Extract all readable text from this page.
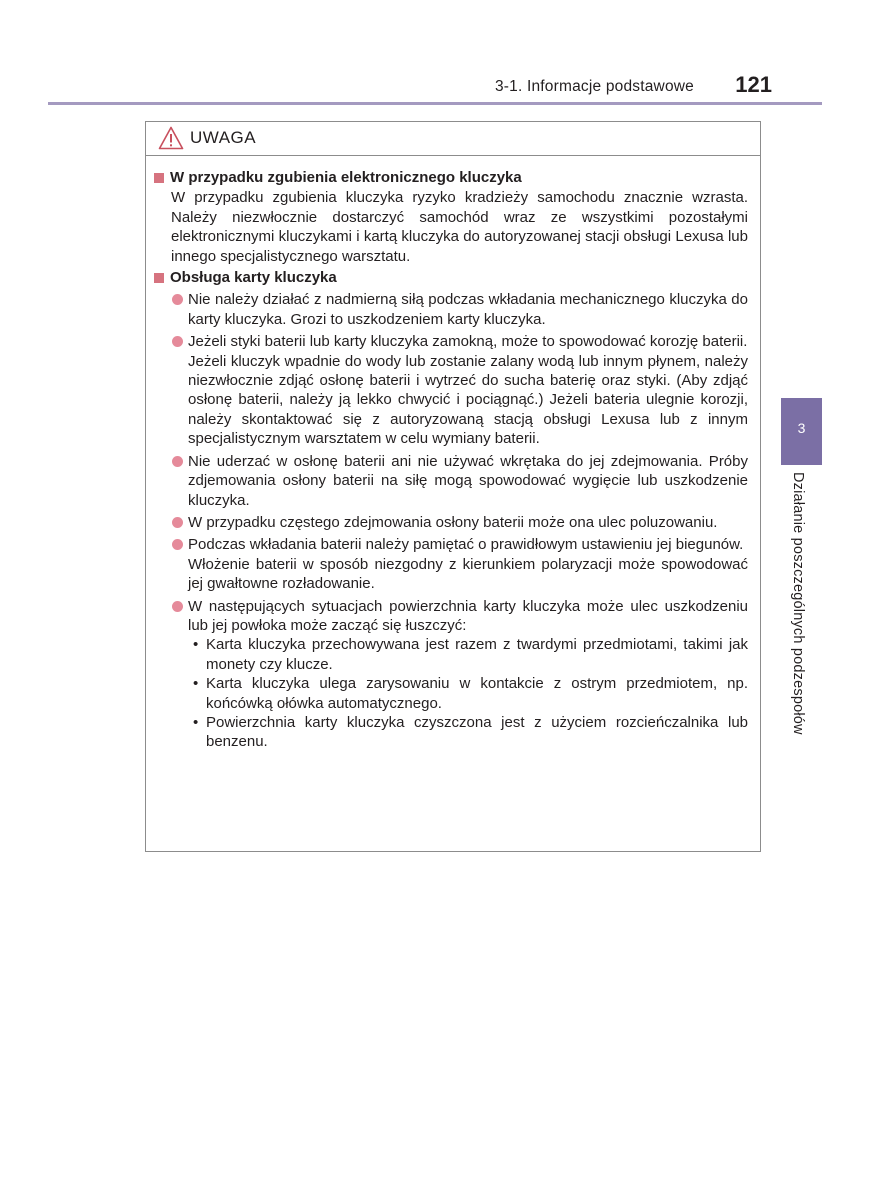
3-1. Informacje podstawowe 121
3
Działanie poszczególnych podzespołów
UWAGA
W przypadku zgubienia elektronicznego kluczyka

W przypadku zgubienia kluczyka ryzyko kradzieży samochodu znacznie wzrasta. Należy niezwłocznie dostarczyć samochód wraz ze wszystkimi pozostałymi elektronicznymi kluczykami i kartą kluczyka do autoryzowanej stacji obsługi Lexusa lub innego specjalistycznego warsztatu.

Obsługa karty kluczyka

Nie należy działać z nadmierną siłą podczas wkładania mechanicznego kluczyka do karty kluczyka. Grozi to uszkodzeniem karty kluczyka.

Jeżeli styki baterii lub karty kluczyka zamokną, może to spowodować korozję baterii.

Jeżeli kluczyk wpadnie do wody lub zostanie zalany wodą lub innym płynem, należy niezwłocznie zdjąć osłonę baterii i wytrzeć do sucha baterię oraz styki. (Aby zdjąć osłonę baterii, należy ją lekko chwycić i pociągnąć.) Jeżeli bateria ulegnie korozji, należy skontaktować się z autoryzowaną stacją obsługi Lexusa lub z innym specjalistycznym warsztatem w celu wymiany baterii.

Nie uderzać w osłonę baterii ani nie używać wkrętaka do jej zdejmowania. Próby zdjemowania osłony baterii na siłę mogą spowodować wygięcie lub uszkodzenie kluczyka.

W przypadku częstego zdejmowania osłony baterii może ona ulec poluzowaniu.

Podczas wkładania baterii należy pamiętać o prawidłowym ustawieniu jej biegunów.

Włożenie baterii w sposób niezgodny z kierunkiem polaryzacji może spowodować jej gwałtowne rozładowanie.

W następujących sytuacjach powierzchnia karty kluczyka może ulec uszkodzeniu lub jej powłoka może zacząć się łuszczyć:

• Karta kluczyka przechowywana jest razem z twardymi przedmiotami, takimi jak monety czy klucze.
• Karta kluczyka ulega zarysowaniu w kontakcie z ostrym przedmiotem, np. końcówką ołówka automatycznego.
• Powierzchnia karty kluczyka czyszczona jest z użyciem rozcieńczalnika lub benzenu.
